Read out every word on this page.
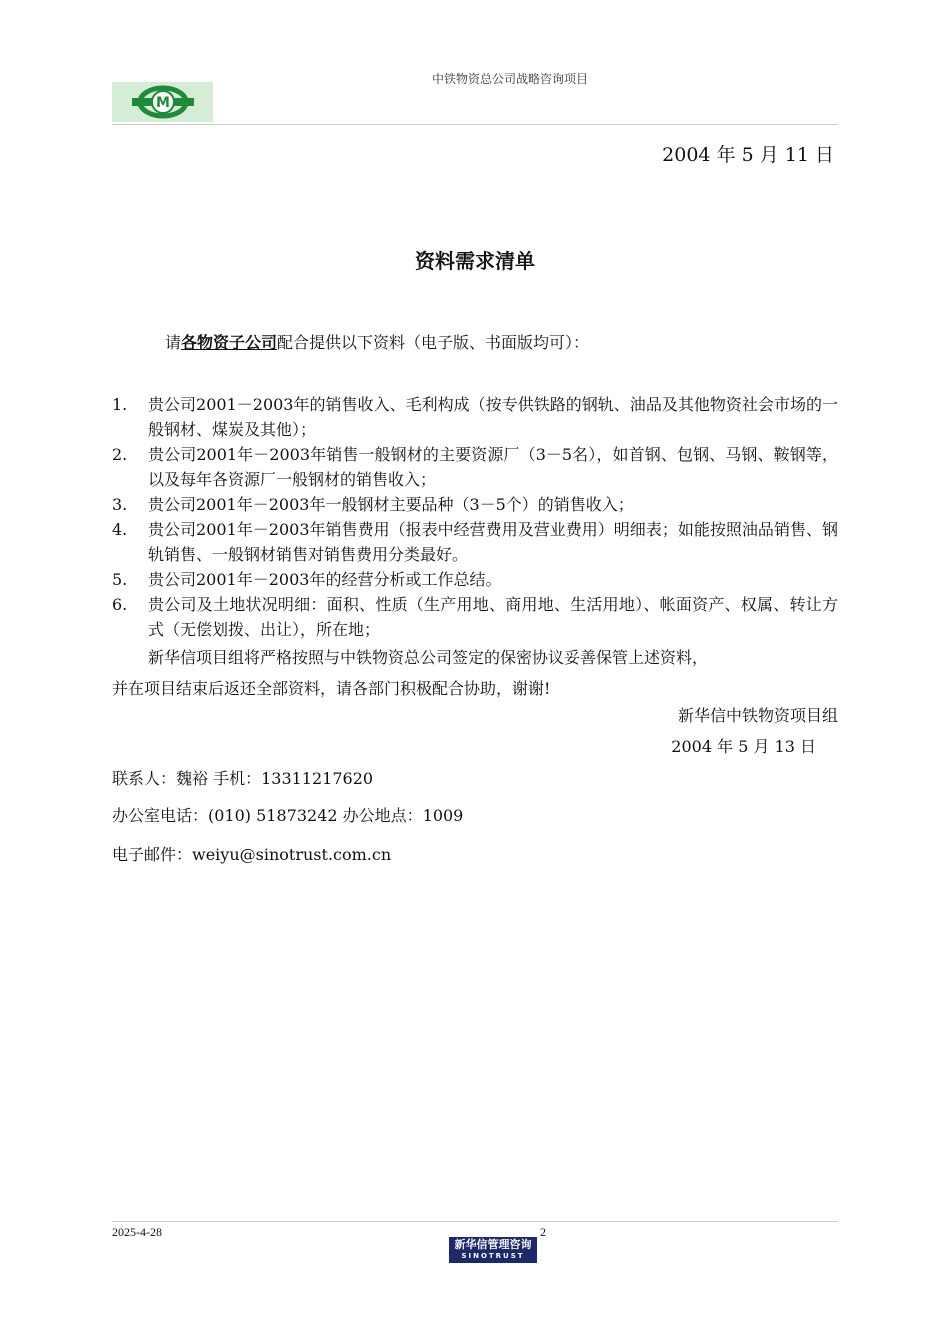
中铁物资总公司战略咨询项目
M
2004 年 5 月 11 日
资料需求清单
请各物资子公司配合提供以下资料（电子版、书面版均可）：
1. 贵公司2001－2003年的销售收入、毛利构成（按专供铁路的钢轨、油品及其他物资社会市场的一般钢材、煤炭及其他）；
2. 贵公司2001年－2003年销售一般钢材的主要资源厂（3－5名），如首钢、包钢、马钢、鞍钢等，以及每年各资源厂一般钢材的销售收入；
3. 贵公司2001年－2003年一般钢材主要品种（3－5个）的销售收入；
4. 贵公司2001年－2003年销售费用（报表中经营费用及营业费用）明细表；如能按照油品销售、钢轨销售、一般钢材销售对销售费用分类最好。
5. 贵公司2001年－2003年的经营分析或工作总结。
6. 贵公司及土地状况明细：面积、性质（生产用地、商用地、生活用地）、帐面资产、权属、转让方式（无偿划拨、出让），所在地；

新华信项目组将严格按照与中铁物资总公司签定的保密协议妥善保管上述资料，

并在项目结束后返还全部资料，请各部门积极配合协助，谢谢!

新华信中铁物资项目组
2004 年 5 月 13 日
联系人：魏裕 手机：13311217620
办公室电话：(010) 51873242 办公地点：1009
电子邮件：weiyu@sinotrust.com.cn
2025-4-28	2
新华信管理咨询
SINOTRUST
